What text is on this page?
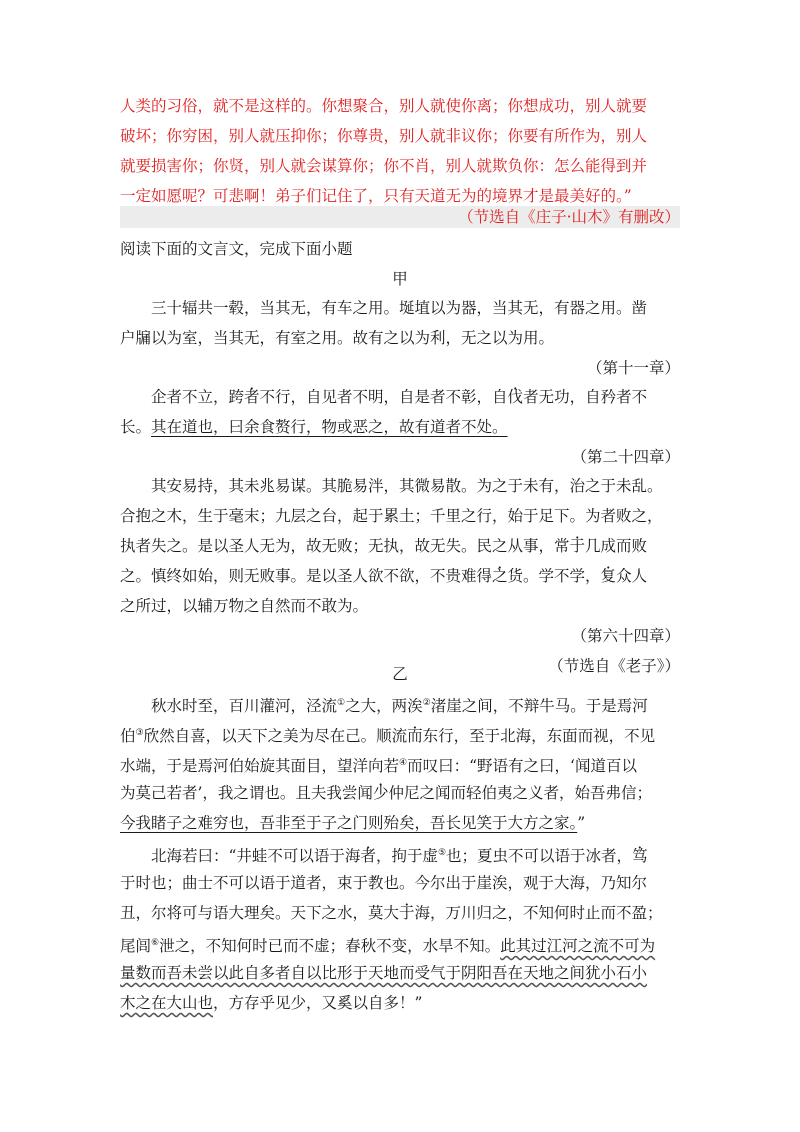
人类的习俗，就不是这样的。你想聚合，别人就使你离；你想成功，别人就要
破坏；你穷困，别人就压抑你；你尊贵，别人就非议你；你要有所作为，别人
就要损害你；你贤，别人就会谋算你；你不肖，别人就欺负你：怎么能得到并
一定如愿呢？可悲啊！弟子们记住了，只有天道无为的境界才是最美好的。”
（节选自《庄子·山木》有删改）
阅读下面的文言文，完成下面小题
甲
三十辐共一毂，当其无，有车之用。埏埴以为器，当其无，有器之用。凿
户牖以为室，当其无，有室之用。故有之以为利，无之以为用。
（第十一章）
企者不立，跨者不行，自见者不明，自是者不彰，自伐者无功，自矜者不
长。其在道也，曰余食赘行，物或恶之，故有道者不处。
（第二十四章）
其安易持，其未兆易谋。其脆易泮，其微易散。为之于未有，治之于未乱。
合抱之木，生于毫末；九层之台，起于累土；千里之行，始于足下。为者败之，
执者失之。是以圣人无为，故无败；无执，故无失。民之从事，常于几成而败
之。慎终如始，则无败事。是以圣人欲不欲，不贵难得之货。学不学，复众人
之所过，以辅万物之自然而不敢为。
（第六十四章）
（节选自《老子》）
乙
秋水时至，百川灌河，泾流①之大，两涘②渚崖之间，不辩牛马。于是焉河
伯③欣然自喜，以天下之美为尽在己。顺流而东行，至于北海，东面而视，不见
水端，于是焉河伯始旋其面目，望洋向若④而叹曰：“野语有之曰，‘闻道百以
为莫己若者’，我之谓也。且夫我尝闻少仲尼之闻而轻伯夷之义者，始吾弗信；
今我睹子之难穷也，吾非至于子之门则殆矣，吾长见笑于大方之家。”
北海若曰：“井蛙不可以语于海者，拘于虚⑤也；夏虫不可以语于冰者，笃
于时也；曲士不可以语于道者，束于教也。今尔出于崖涘，观于大海，乃知尔
丑，尔将可与语大理矣。天下之水，莫大于海，万川归之，不知何时止而不盈；
尾闾⑥泄之，不知何时已而不虚；春秋不变，水旱不知。此其过江河之流不可为
量数而吾未尝以此自多者自以比形于天地而受气于阴阳吾在天地之间犹小石小
木之在大山也，方存乎见少，又奚以自多！”
